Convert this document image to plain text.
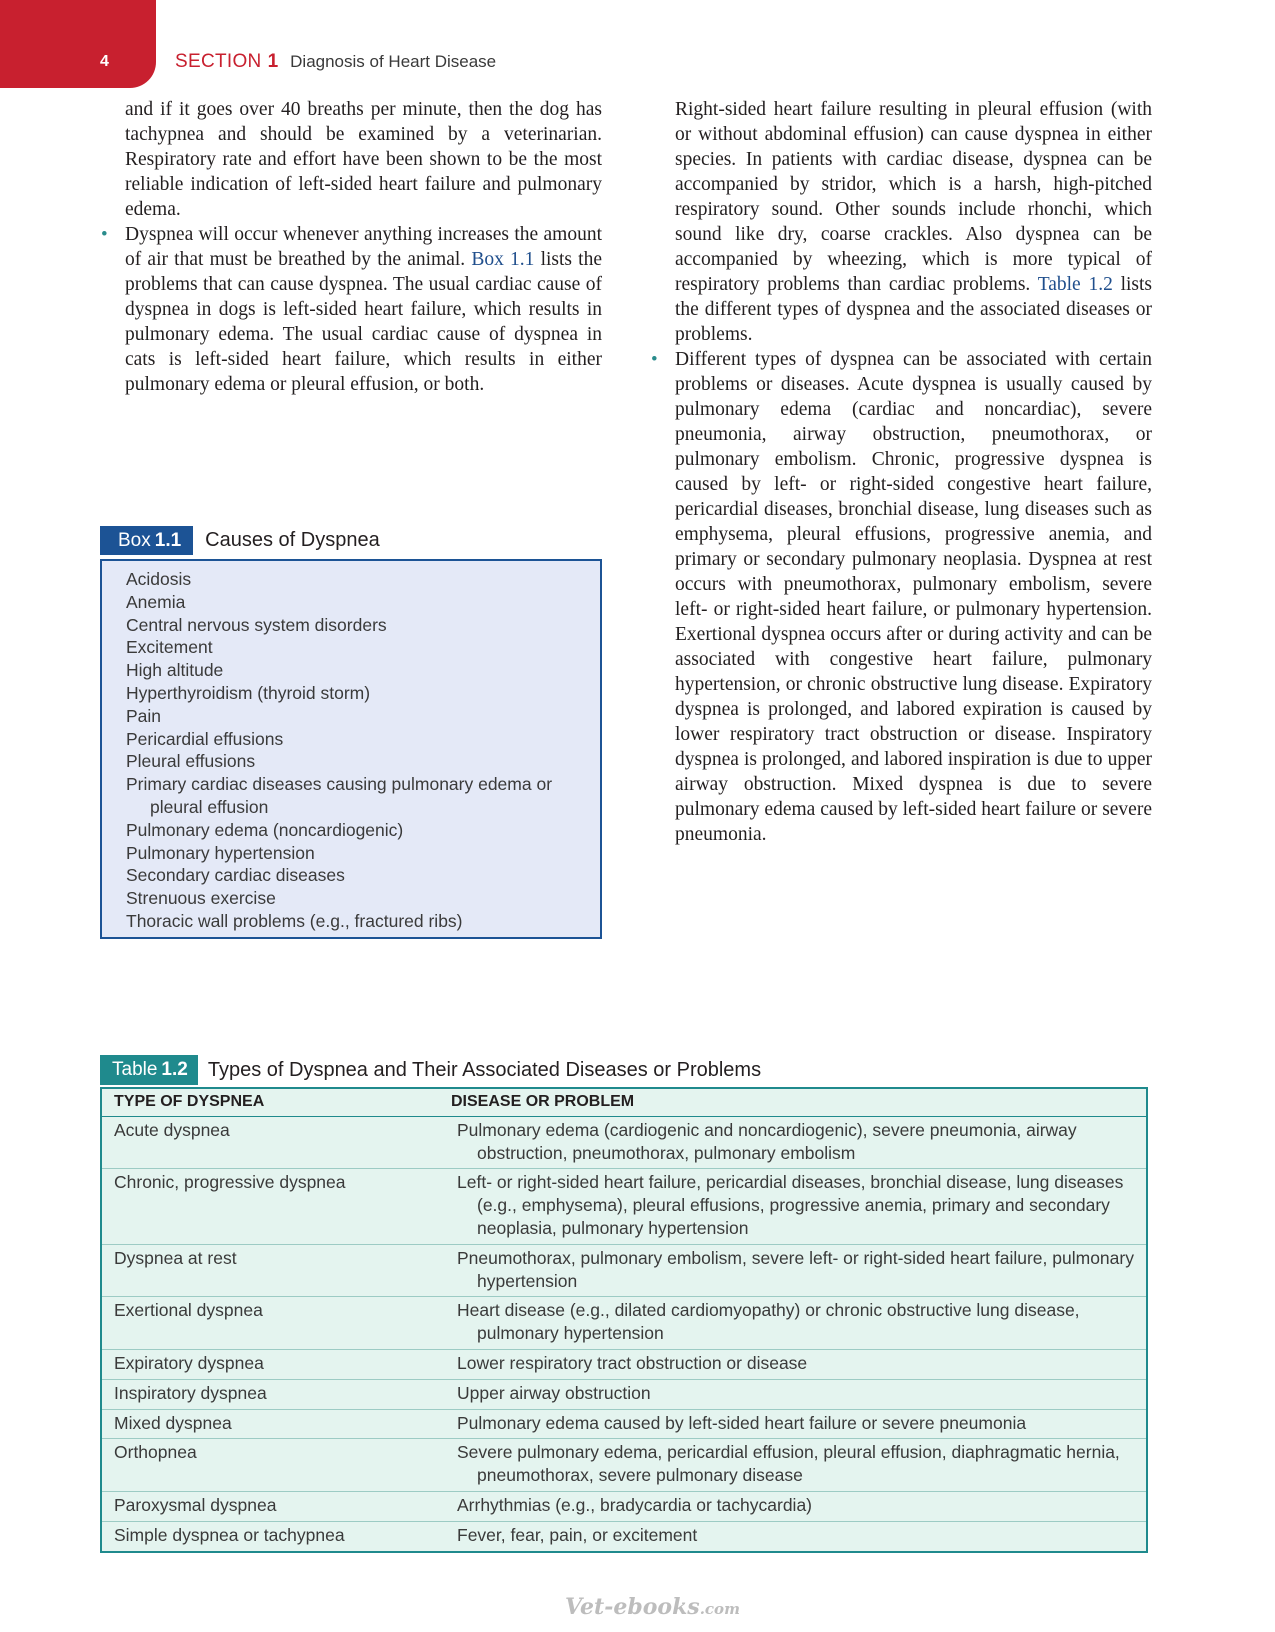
4	SECTION 1 Diagnosis of Heart Disease

and if it goes over 40 breaths per minute, then the dog has tachypnea and should be examined by a veterinarian. Respiratory rate and effort have been shown to be the most reliable indication of left-sided heart failure and pulmonary edema.

• Dyspnea will occur whenever anything increases the amount of air that must be breathed by the animal. Box 1.1 lists the problems that can cause dyspnea. The usual cardiac cause of dyspnea in dogs is left-sided heart failure, which results in pulmonary edema. The usual cardiac cause of dyspnea in cats is left-sided heart failure, which results in either pulmonary edema or pleural effusion, or both.

Box 1.1	Causes of Dyspnea
Acidosis
Anemia
Central nervous system disorders
Excitement
High altitude
Hyperthyroidism (thyroid storm)
Pain
Pericardial effusions
Pleural effusions
Primary cardiac diseases causing pulmonary edema or pleural effusion
Pulmonary edema (noncardiogenic)
Pulmonary hypertension
Secondary cardiac diseases
Strenuous exercise
Thoracic wall problems (e.g., fractured ribs)

Right-sided heart failure resulting in pleural effusion (with or without abdominal effusion) can cause dyspnea in either species. In patients with cardiac disease, dyspnea can be accompanied by stridor, which is a harsh, high-pitched respiratory sound. Other sounds include rhonchi, which sound like dry, coarse crackles. Also dyspnea can be accompanied by wheezing, which is more typical of respiratory problems than cardiac problems. Table 1.2 lists the different types of dyspnea and the associated diseases or problems.

• Different types of dyspnea can be associated with certain problems or diseases. Acute dyspnea is usually caused by pulmonary edema (cardiac and noncardiac), severe pneumonia, airway obstruction, pneumothorax, or pulmonary embolism. Chronic, progressive dyspnea is caused by left- or right-sided congestive heart failure, pericardial diseases, bronchial disease, lung diseases such as emphysema, pleural effusions, progressive anemia, and primary or secondary pulmonary neoplasia. Dyspnea at rest occurs with pneumothorax, pulmonary embolism, severe left- or right-sided heart failure, or pulmonary hypertension. Exertional dyspnea occurs after or during activity and can be associated with congestive heart failure, pulmonary hypertension, or chronic obstructive lung disease. Expiratory dyspnea is prolonged, and labored expiration is caused by lower respiratory tract obstruction or disease. Inspiratory dyspnea is prolonged, and labored inspiration is due to upper airway obstruction. Mixed dyspnea is due to severe pulmonary edema caused by left-sided heart failure or severe pneumonia.

Table 1.2	Types of Dyspnea and Their Associated Diseases or Problems
TYPE OF DYSPNEA	DISEASE OR PROBLEM
Acute dyspnea	Pulmonary edema (cardiogenic and noncardiogenic), severe pneumonia, airway obstruction, pneumothorax, pulmonary embolism
Chronic, progressive dyspnea	Left- or right-sided heart failure, pericardial diseases, bronchial disease, lung diseases (e.g., emphysema), pleural effusions, progressive anemia, primary and secondary neoplasia, pulmonary hypertension
Dyspnea at rest	Pneumothorax, pulmonary embolism, severe left- or right-sided heart failure, pulmonary hypertension
Exertional dyspnea	Heart disease (e.g., dilated cardiomyopathy) or chronic obstructive lung disease, pulmonary hypertension
Expiratory dyspnea	Lower respiratory tract obstruction or disease
Inspiratory dyspnea	Upper airway obstruction
Mixed dyspnea	Pulmonary edema caused by left-sided heart failure or severe pneumonia
Orthopnea	Severe pulmonary edema, pericardial effusion, pleural effusion, diaphragmatic hernia, pneumothorax, severe pulmonary disease
Paroxysmal dyspnea	Arrhythmias (e.g., bradycardia or tachycardia)
Simple dyspnea or tachypnea	Fever, fear, pain, or excitement
Vet-ebooks.com
